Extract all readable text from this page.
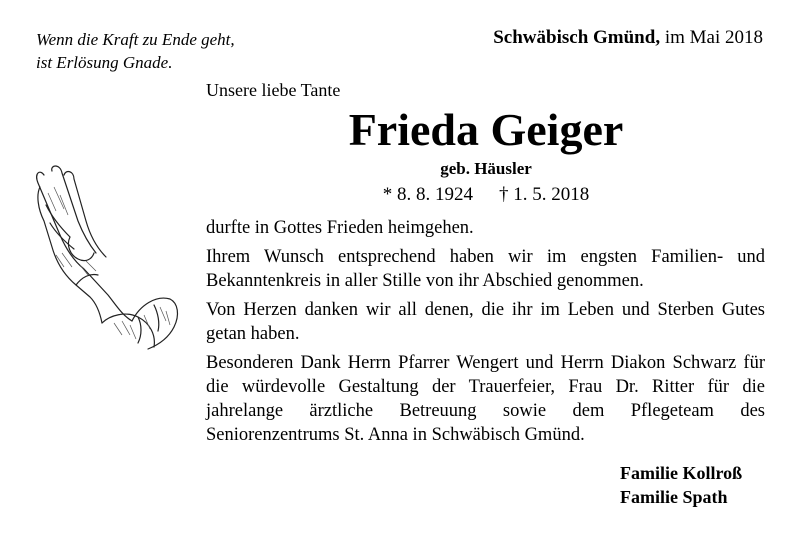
Wenn die Kraft zu Ende geht,
ist Erlösung Gnade.
Schwäbisch Gmünd, im Mai 2018
Unsere liebe Tante
Frieda Geiger
geb. Häusler
* 8. 8. 1924 † 1. 5. 2018

durfte in Gottes Frieden heimgehen.

Ihrem Wunsch entsprechend haben wir im engsten Familien- und Bekanntenkreis in aller Stille von ihr Abschied genommen.

Von Herzen danken wir all denen, die ihr im Leben und Sterben Gutes getan haben.

Besonderen Dank Herrn Pfarrer Wengert und Herrn Diakon Schwarz für die würdevolle Gestaltung der Trauerfeier, Frau Dr. Ritter für die jahrelange ärztliche Betreuung sowie dem Pflegeteam des Seniorenzentrums St. Anna in Schwäbisch Gmünd.

Familie Kollroß
Familie Spath
